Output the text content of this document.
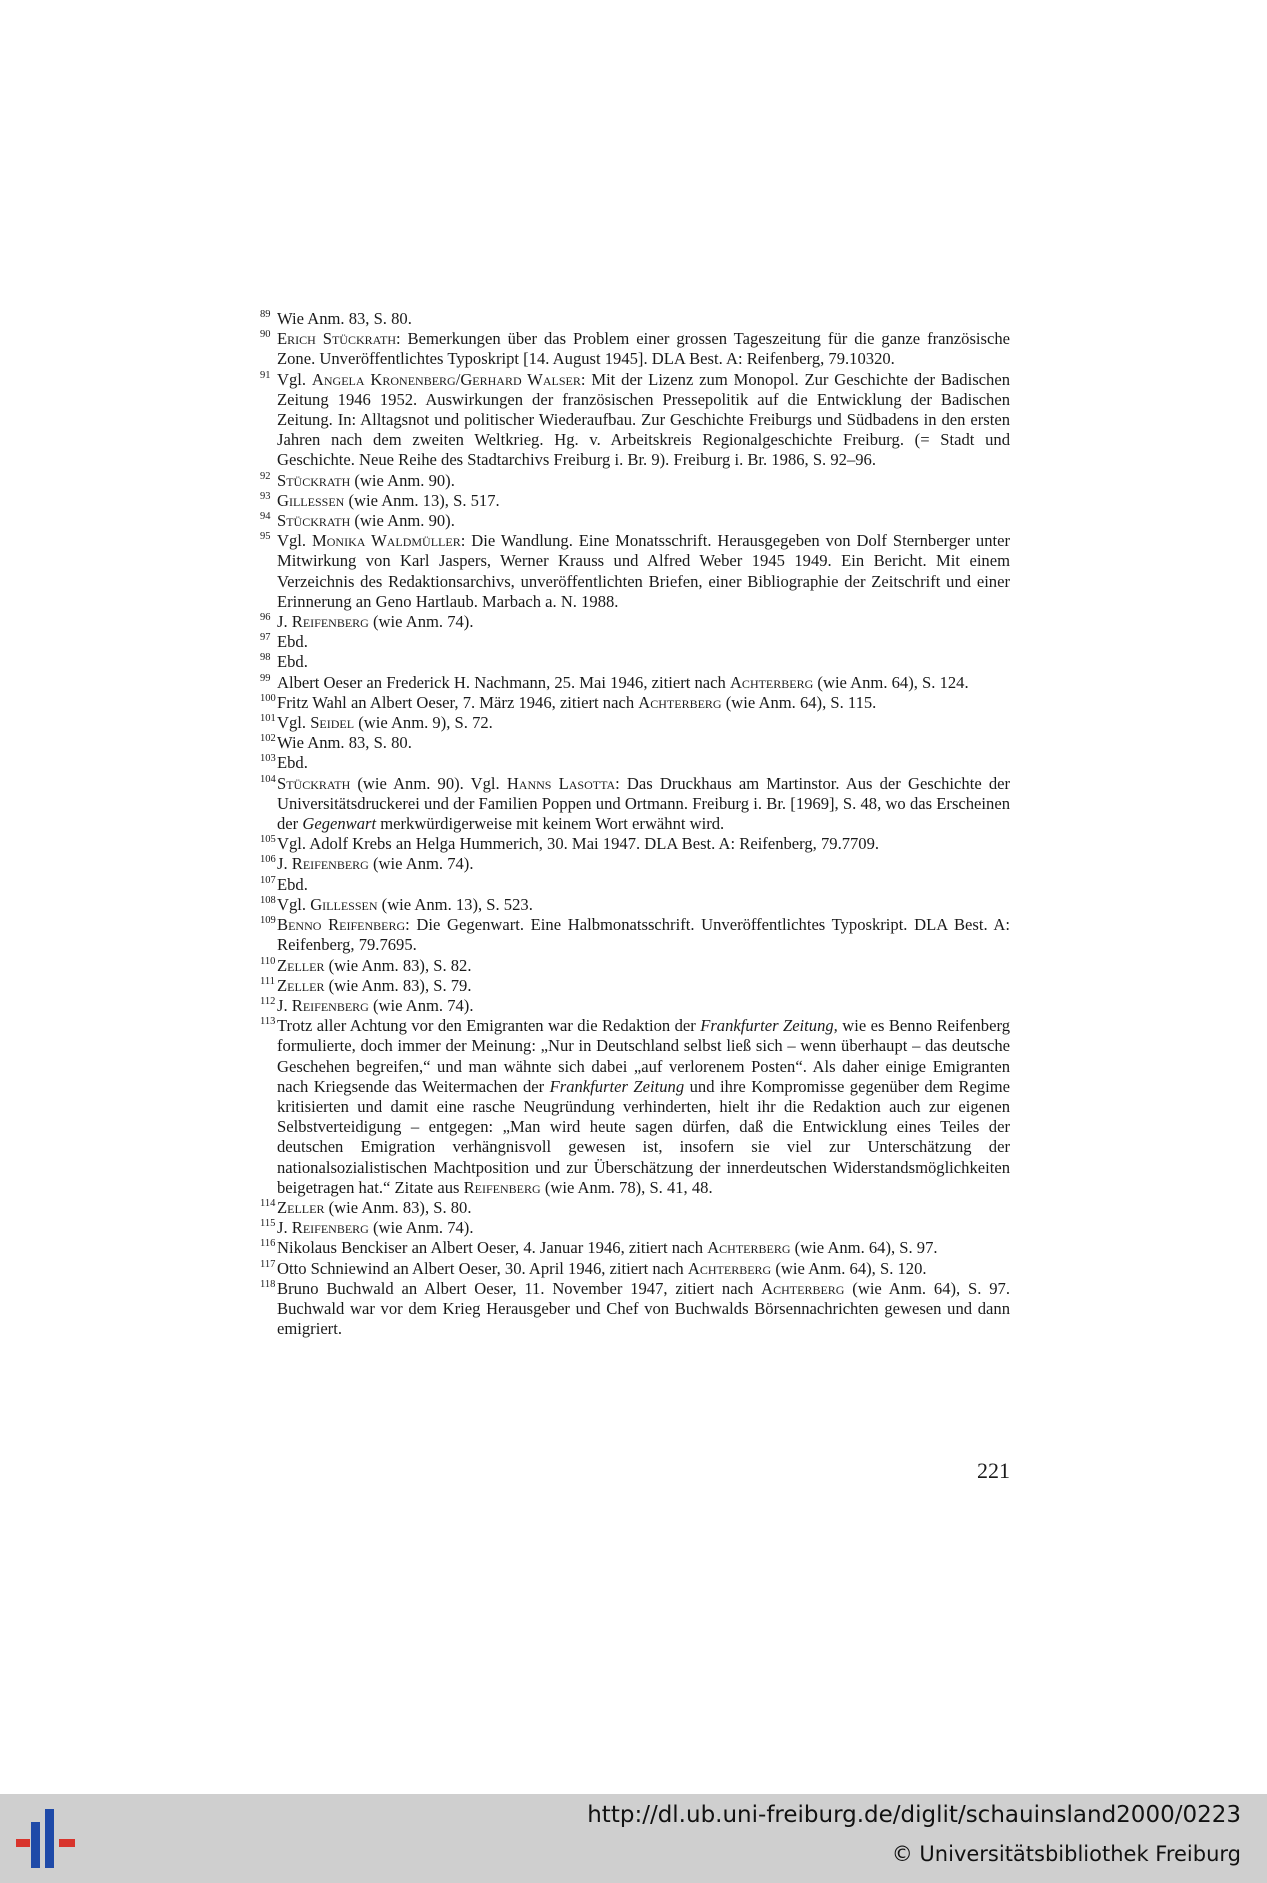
89 Wie Anm. 83, S. 80.

90 Erich Stückrath: Bemerkungen über das Problem einer grossen Tageszeitung für die ganze französische Zone. Unveröffentlichtes Typoskript [14. August 1945]. DLA Best. A: Reifenberg, 79.10320.

91 Vgl. Angela Kronenberg/Gerhard Walser: Mit der Lizenz zum Monopol. Zur Geschichte der Badischen Zeitung 1946 1952. Auswirkungen der französischen Pressepolitik auf die Entwicklung der Badischen Zeitung. In: Alltagsnot und politischer Wiederaufbau. Zur Geschichte Freiburgs und Südbadens in den ersten Jahren nach dem zweiten Weltkrieg. Hg. v. Arbeitskreis Regionalgeschichte Freiburg. (= Stadt und Geschichte. Neue Reihe des Stadtarchivs Freiburg i. Br. 9). Freiburg i. Br. 1986, S. 92–96.

92 Stückrath (wie Anm. 90).

93 Gillessen (wie Anm. 13), S. 517.

94 Stückrath (wie Anm. 90).

95 Vgl. Monika Waldmüller: Die Wandlung. Eine Monatsschrift. Herausgegeben von Dolf Sternberger unter Mitwirkung von Karl Jaspers, Werner Krauss und Alfred Weber 1945 1949. Ein Bericht. Mit einem Verzeichnis des Redaktionsarchivs, unveröffentlichten Briefen, einer Bibliographie der Zeitschrift und einer Erinnerung an Geno Hartlaub. Marbach a. N. 1988.

96 J. Reifenberg (wie Anm. 74).

97 Ebd.

98 Ebd.

99 Albert Oeser an Frederick H. Nachmann, 25. Mai 1946, zitiert nach Achterberg (wie Anm. 64), S. 124.

100 Fritz Wahl an Albert Oeser, 7. März 1946, zitiert nach Achterberg (wie Anm. 64), S. 115.

101 Vgl. Seidel (wie Anm. 9), S. 72.

102 Wie Anm. 83, S. 80.

103 Ebd.

104 Stückrath (wie Anm. 90). Vgl. Hanns Lasotta: Das Druckhaus am Martinstor. Aus der Geschichte der Universitätsdruckerei und der Familien Poppen und Ortmann. Freiburg i. Br. [1969], S. 48, wo das Erscheinen der Gegenwart merkwürdigerweise mit keinem Wort erwähnt wird.

105 Vgl. Adolf Krebs an Helga Hummerich, 30. Mai 1947. DLA Best. A: Reifenberg, 79.7709.

106 J. Reifenberg (wie Anm. 74).

107 Ebd.

108 Vgl. Gillessen (wie Anm. 13), S. 523.

109 Benno Reifenberg: Die Gegenwart. Eine Halbmonatsschrift. Unveröffentlichtes Typoskript. DLA Best. A: Reifenberg, 79.7695.

110 Zeller (wie Anm. 83), S. 82.

111 Zeller (wie Anm. 83), S. 79.

112 J. Reifenberg (wie Anm. 74).

113 Trotz aller Achtung vor den Emigranten war die Redaktion der Frankfurter Zeitung, wie es Benno Reifenberg formulierte, doch immer der Meinung: „Nur in Deutschland selbst ließ sich – wenn überhaupt – das deutsche Geschehen begreifen,“ und man wähnte sich dabei „auf verlorenem Posten“. Als daher einige Emigranten nach Kriegsende das Weitermachen der Frankfurter Zeitung und ihre Kompromisse gegenüber dem Regime kritisierten und damit eine rasche Neugründung verhinderten, hielt ihr die Redaktion auch zur eigenen Selbstverteidigung – entgegen: „Man wird heute sagen dürfen, daß die Entwicklung eines Teiles der deutschen Emigration verhängnisvoll gewesen ist, insofern sie viel zur Unterschätzung der nationalsozialistischen Machtposition und zur Überschätzung der innerdeutschen Widerstandsmöglichkeiten beigetragen hat.“ Zitate aus Reifenberg (wie Anm. 78), S. 41, 48.

114 Zeller (wie Anm. 83), S. 80.

115 J. Reifenberg (wie Anm. 74).

116 Nikolaus Benckiser an Albert Oeser, 4. Januar 1946, zitiert nach Achterberg (wie Anm. 64), S. 97.

117 Otto Schniewind an Albert Oeser, 30. April 1946, zitiert nach Achterberg (wie Anm. 64), S. 120.

118 Bruno Buchwald an Albert Oeser, 11. November 1947, zitiert nach Achterberg (wie Anm. 64), S. 97. Buchwald war vor dem Krieg Herausgeber und Chef von Buchwalds Börsennachrichten gewesen und dann emigriert.

221
http://dl.ub.uni-freiburg.de/diglit/schauinsland2000/0223
© Universitätsbibliothek Freiburg
